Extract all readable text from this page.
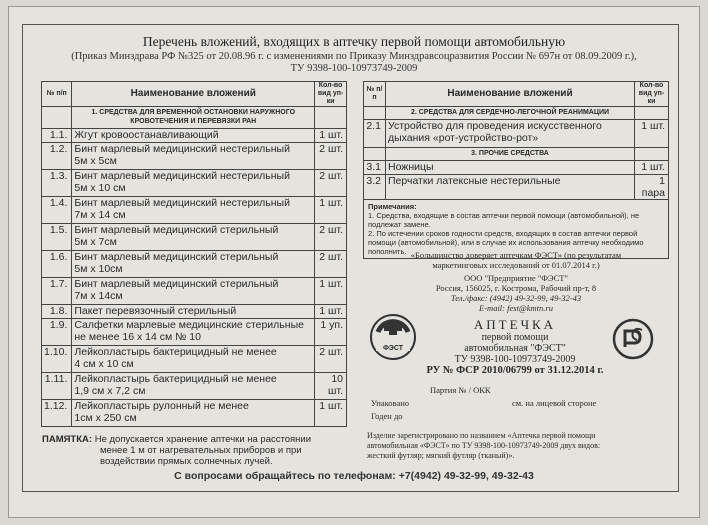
Перечень вложений, входящих в аптечку первой помощи автомобильную
(Приказ Минздрава РФ №325 от 20.08.96 г. с изменениями по Приказу Минздравсоцразвития России № 697н от 08.09.2009 г.),
ТУ 9398-100-10973749-2009
№ п/п	Наименование вложений	Кол-во вид уп-ки
	1. СРЕДСТВА ДЛЯ ВРЕМЕННОЙ ОСТАНОВКИ НАРУЖНОГО КРОВОТЕЧЕНИЯ И ПЕРЕВЯЗКИ РАН	
1.1.	Жгут кровоостанавливающий	1 шт.
1.2.	Бинт марлевый медицинский нестерильный
5м х 5см	2 шт.
1.3.	Бинт марлевый медицинский нестерильный
5м х 10 см	2 шт.
1.4.	Бинт марлевый медицинский нестерильный
7м х 14 см	1 шт.
1.5.	Бинт марлевый медицинский стерильный
5м х 7см	2 шт.
1.6.	Бинт марлевый медицинский стерильный
5м х 10см	2 шт.
1.7.	Бинт марлевый медицинский стерильный
7м х 14см	1 шт.
1.8.	Пакет перевязочный стерильный	1 шт.
1.9.	Салфетки марлевые медицинские стерильные
не менее 16 х 14 см № 10	1 уп.
1.10.	Лейкопластырь бактерицидный не менее
4 см х 10 см	2 шт.
1.11.	Лейкопластырь бактерицидный не менее
1,9 см х 7,2 см	10 шт.
1.12.	Лейкопластырь рулонный не менее
1см х 250 см	1 шт.
ПАМЯТКА: Не допускается хранение аптечки на расстоянии
менее 1 м от нагревательных приборов и при
воздействии прямых солнечных лучей.
С вопросами обращайтесь по телефонам: +7(4942) 49-32-99, 49-32-43
№ п/п	Наименование вложений	Кол-во вид уп-ки
	2. СРЕДСТВА ДЛЯ СЕРДЕЧНО-ЛЕГОЧНОЙ РЕАНИМАЦИИ	
2.1	Устройство для проведения искусственного
дыхания «рот-устройство-рот»	1 шт.
	3. ПРОЧИЕ СРЕДСТВА	
3.1	Ножницы	1 шт.
3.2	Перчатки латексные нестерильные	1 пара

Примечания:
1. Средства, входящие в состав аптечки первой помощи (автомобильной), не подлежат замене.
2. По истечении сроков годности средств, входящих в состав аптечки первой помощи (автомобильной), или в случае их использования аптечку необходимо пополнить.		«Большинство доверяет аптечкам ФЭСТ» (по результатам
маркетинговых исследований от 01.07.2014 г.)
ООО "Предприятие "ФЭСТ"
Россия, 156025, г. Кострома, Рабочий пр-т, 8
Тел./факс: (4942) 49-32-99, 49-32-43
E-mail: fest@kmtn.ru
ФЭСТ
АПТЕЧКА
первой помощи
автомобильная "ФЭСТ"
ТУ 9398-100-10973749-2009
РУ № ФСР 2010/06799 от 31.12.2014 г.
Партия № / ОКК
Упаковано	см. на лицевой стороне
Годен до
Изделие зарегистрировано по названием «Аптечка первой помощи
автомобильная «ФЭСТ» по ТУ 9398-100-10973749-2009 двух видов:
жесткий футляр; мягкий футляр (тканый)».
